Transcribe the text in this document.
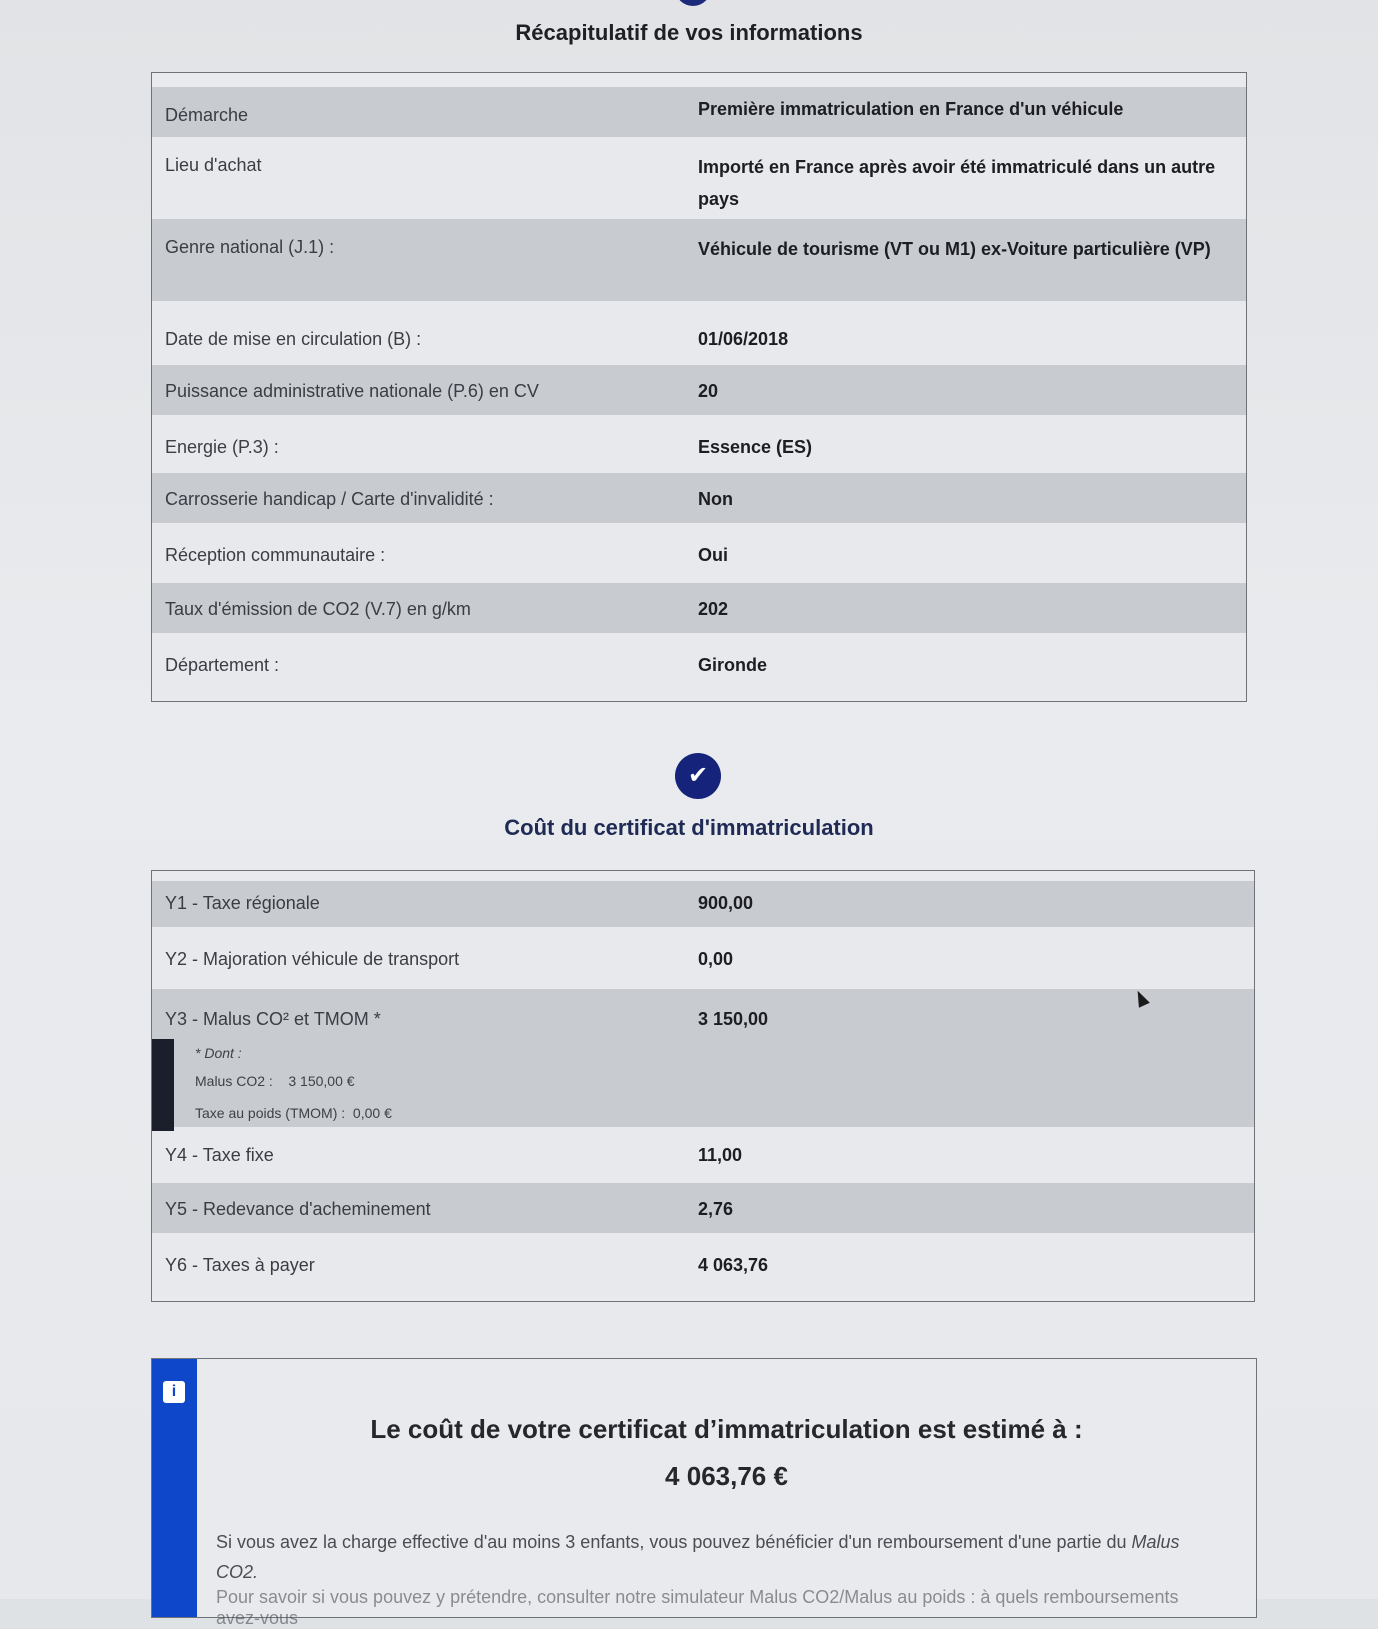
Récapitulatif de vos informations
Démarche	Première immatriculation en France d'un véhicule
Lieu d'achat	Importé en France après avoir été immatriculé dans un autre pays
Genre national (J.1) :	Véhicule de tourisme (VT ou M1) ex-Voiture particulière (VP)
Date de mise en circulation (B) :	01/06/2018
Puissance administrative nationale (P.6) en CV	20
Energie (P.3) :	Essence (ES)
Carrosserie handicap / Carte d'invalidité :	Non
Réception communautaire :	Oui
Taux d'émission de CO2 (V.7) en g/km	202
Département :	Gironde
✔
Coût du certificat d'immatriculation
Y1 - Taxe régionale	900,00
Y2 - Majoration véhicule de transport	0,00
Y3 - Malus CO² et TMOM *	3 150,00
* Dont :
Malus CO2 :    3 150,00 €
Taxe au poids (TMOM) :  0,00 €
Y4 - Taxe fixe	11,00
Y5 - Redevance d'acheminement	2,76
Y6 - Taxes à payer	4 063,76
i
Le coût de votre certificat d’immatriculation est estimé à :
4 063,76 €
Si vous avez la charge effective d'au moins 3 enfants, vous pouvez bénéficier d'un remboursement d'une partie du Malus CO2.
Pour savoir si vous pouvez y prétendre, consulter notre simulateur Malus CO2/Malus au poids : à quels remboursements avez-vous
